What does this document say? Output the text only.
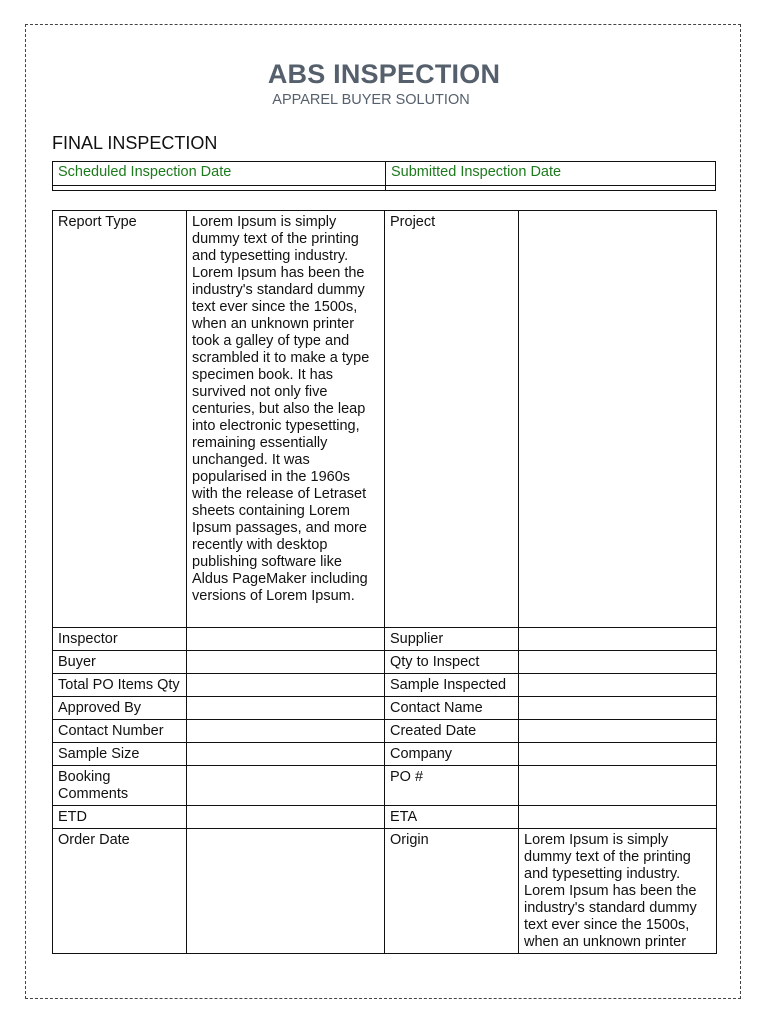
ABS INSPECTION
APPAREL BUYER SOLUTION
FINAL INSPECTION
Scheduled Inspection Date	Submitted Inspection Date

Report Type	Lorem Ipsum is simply dummy text of the printing and typesetting industry. Lorem Ipsum has been the industry's standard dummy text ever since the 1500s, when an unknown printer took a galley of type and scrambled it to make a type specimen book. It has survived not only five centuries, but also the leap into electronic typesetting, remaining essentially unchanged. It was popularised in the 1960s with the release of Letraset sheets containing Lorem Ipsum passages, and more recently with desktop publishing software like Aldus PageMaker including versions of Lorem Ipsum.	Project	
Inspector		Supplier	
Buyer		Qty to Inspect	
Total PO Items Qty		Sample Inspected	
Approved By		Contact Name	
Contact Number		Created Date	
Sample Size		Company	
Booking Comments		PO #	
ETD		ETA	
Order Date		Origin	Lorem Ipsum is simply dummy text of the printing and typesetting industry. Lorem Ipsum has been the industry's standard dummy text ever since the 1500s, when an unknown printer
